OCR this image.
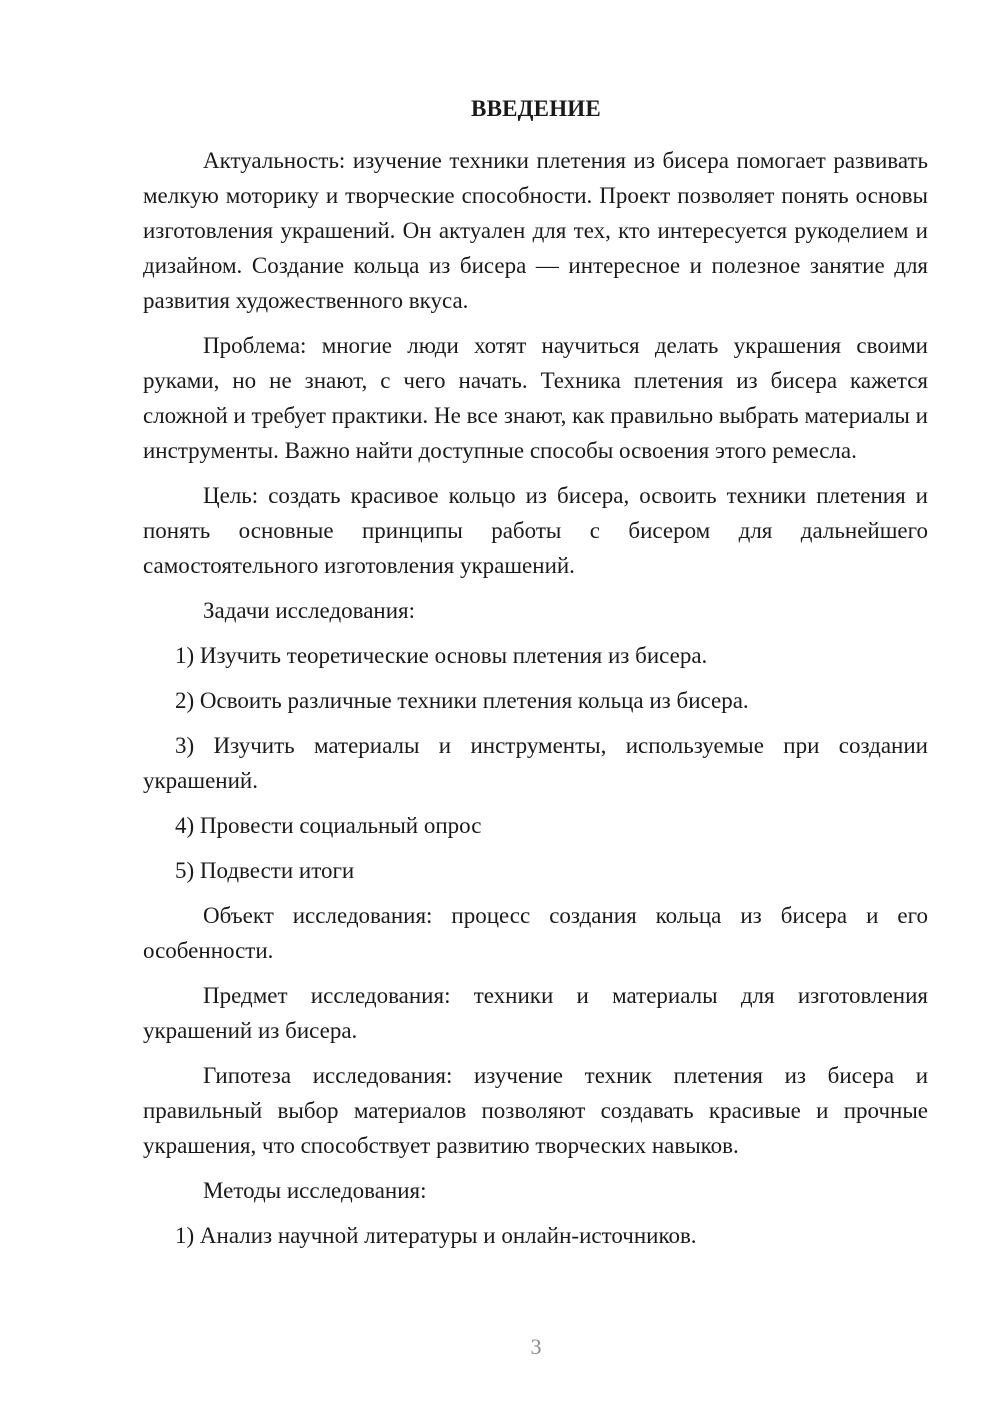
ВВЕДЕНИЕ

Актуальность: изучение техники плетения из бисера помогает развивать мелкую моторику и творческие способности. Проект позволяет понять основы изготовления украшений. Он актуален для тех, кто интересуется рукоделием и дизайном. Создание кольца из бисера — интересное и полезное занятие для развития художественного вкуса.

Проблема: многие люди хотят научиться делать украшения своими руками, но не знают, с чего начать. Техника плетения из бисера кажется сложной и требует практики. Не все знают, как правильно выбрать материалы и инструменты. Важно найти доступные способы освоения этого ремесла.

Цель: создать красивое кольцо из бисера, освоить техники плетения и понять основные принципы работы с бисером для дальнейшего самостоятельного изготовления украшений.

Задачи исследования:

1) Изучить теоретические основы плетения из бисера.

2) Освоить различные техники плетения кольца из бисера.

3) Изучить материалы и инструменты, используемые при создании украшений.

4) Провести социальный опрос

5) Подвести итоги

Объект исследования: процесс создания кольца из бисера и его особенности.

Предмет исследования: техники и материалы для изготовления украшений из бисера.

Гипотеза исследования: изучение техник плетения из бисера и правильный выбор материалов позволяют создавать красивые и прочные украшения, что способствует развитию творческих навыков.

Методы исследования:

1) Анализ научной литературы и онлайн-источников.

3
